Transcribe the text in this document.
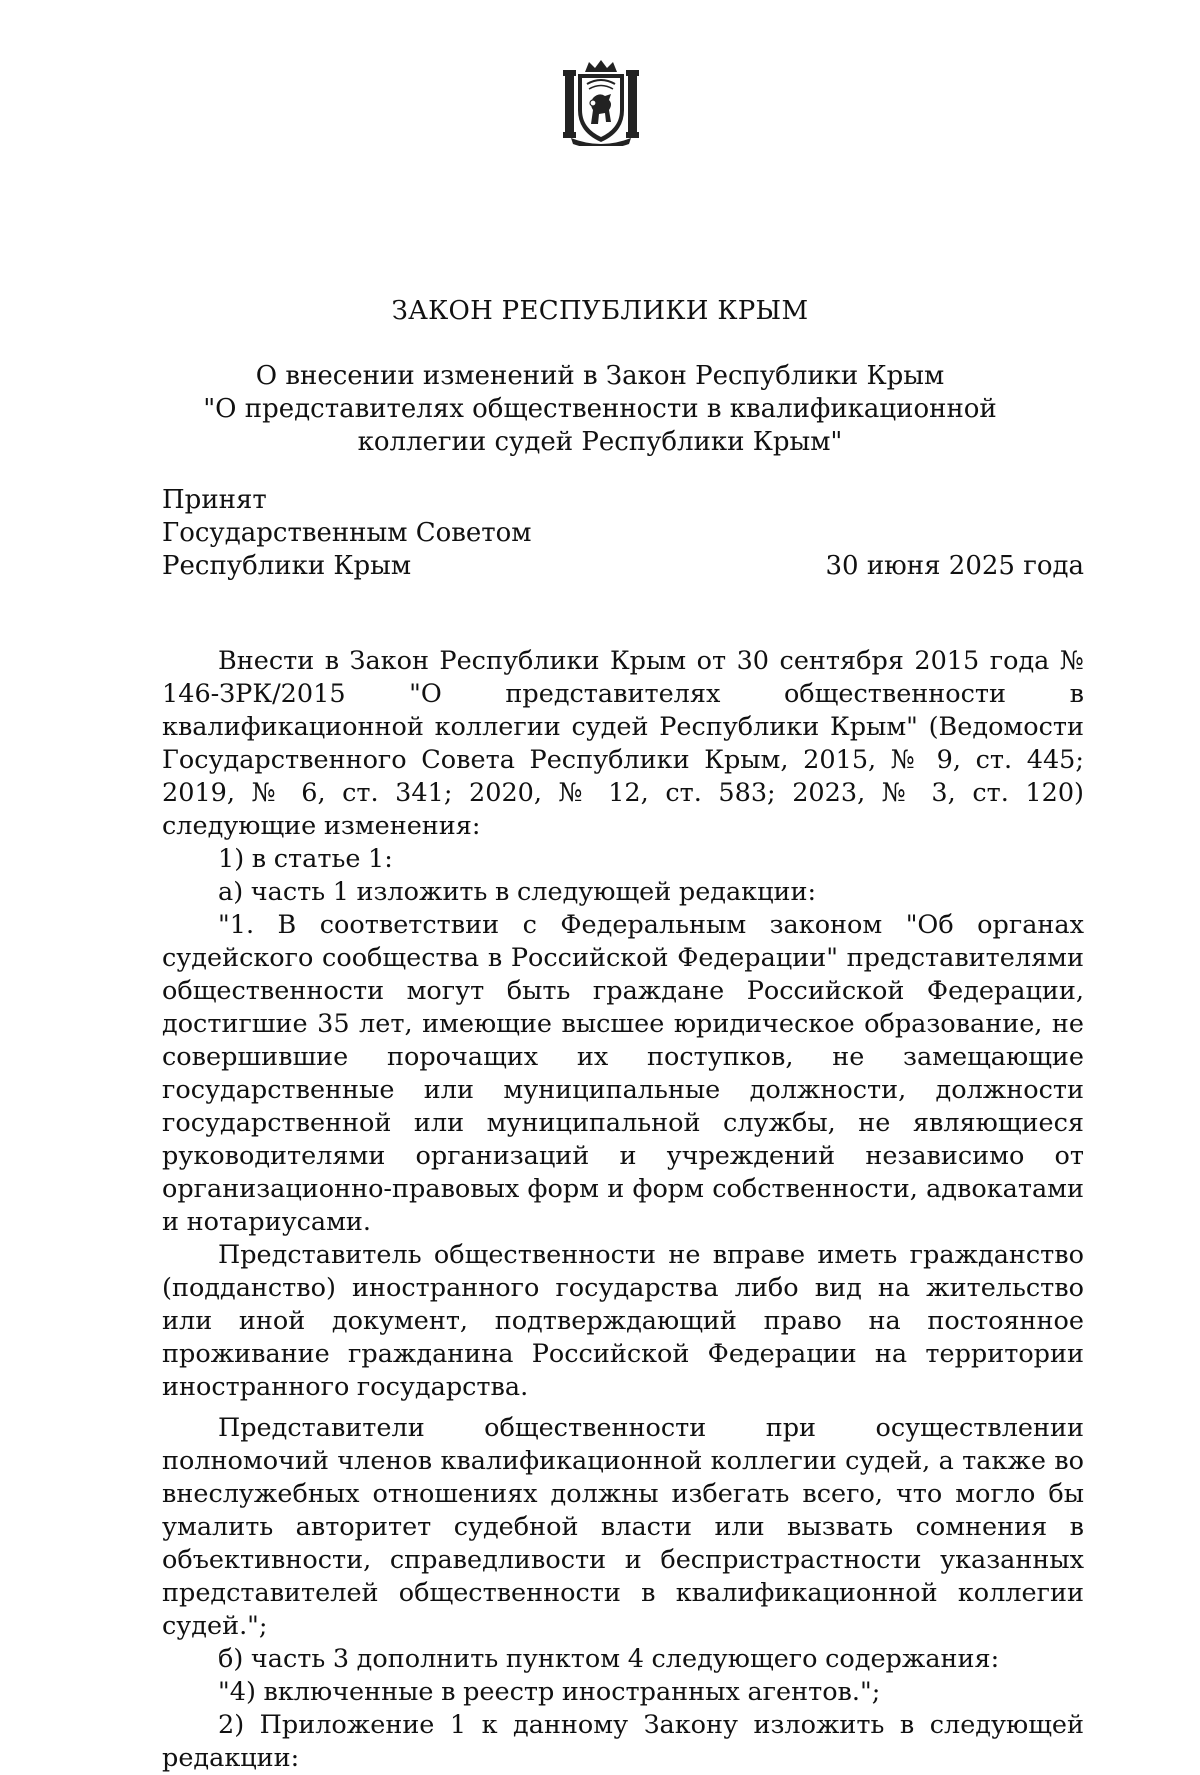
ЗАКОН РЕСПУБЛИКИ КРЫМ
О внесении изменений в Закон Республики Крым
"О представителях общественности в квалификационной
коллегии судей Республики Крым"
Принят
Государственным Советом
Республики Крым	30 июня 2025 года

Внести в Закон Республики Крым от 30 сентября 2015 года № 146-ЗРК/2015 "О представителях общественности в квалификационной коллегии судей Республики Крым" (Ведомости Государственного Совета Республики Крым, 2015, № 9, ст. 445; 2019, № 6, ст. 341; 2020, № 12, ст. 583; 2023, № 3, ст. 120) следующие изменения:

1) в статье 1:

а) часть 1 изложить в следующей редакции:

"1. В соответствии с Федеральным законом "Об органах судейского сообщества в Российской Федерации" представителями общественности могут быть граждане Российской Федерации, достигшие 35 лет, имеющие высшее юридическое образование, не совершившие порочащих их поступков, не замещающие государственные или муниципальные должности, должности государственной или муниципальной службы, не являющиеся руководителями организаций и учреждений независимо от организационно-правовых форм и форм собственности, адвокатами и нотариусами.

Представитель общественности не вправе иметь гражданство (подданство) иностранного государства либо вид на жительство или иной документ, подтверждающий право на постоянное проживание гражданина Российской Федерации на территории иностранного государства.

Представители общественности при осуществлении полномочий членов квалификационной коллегии судей, а также во внеслужебных отношениях должны избегать всего, что могло бы умалить авторитет судебной власти или вызвать сомнения в объективности, справедливости и беспристрастности указанных представителей общественности в квалификационной коллегии судей.";

б) часть 3 дополнить пунктом 4 следующего содержания:

"4) включенные в реестр иностранных агентов.";

2) Приложение 1 к данному Закону изложить в следующей редакции:
